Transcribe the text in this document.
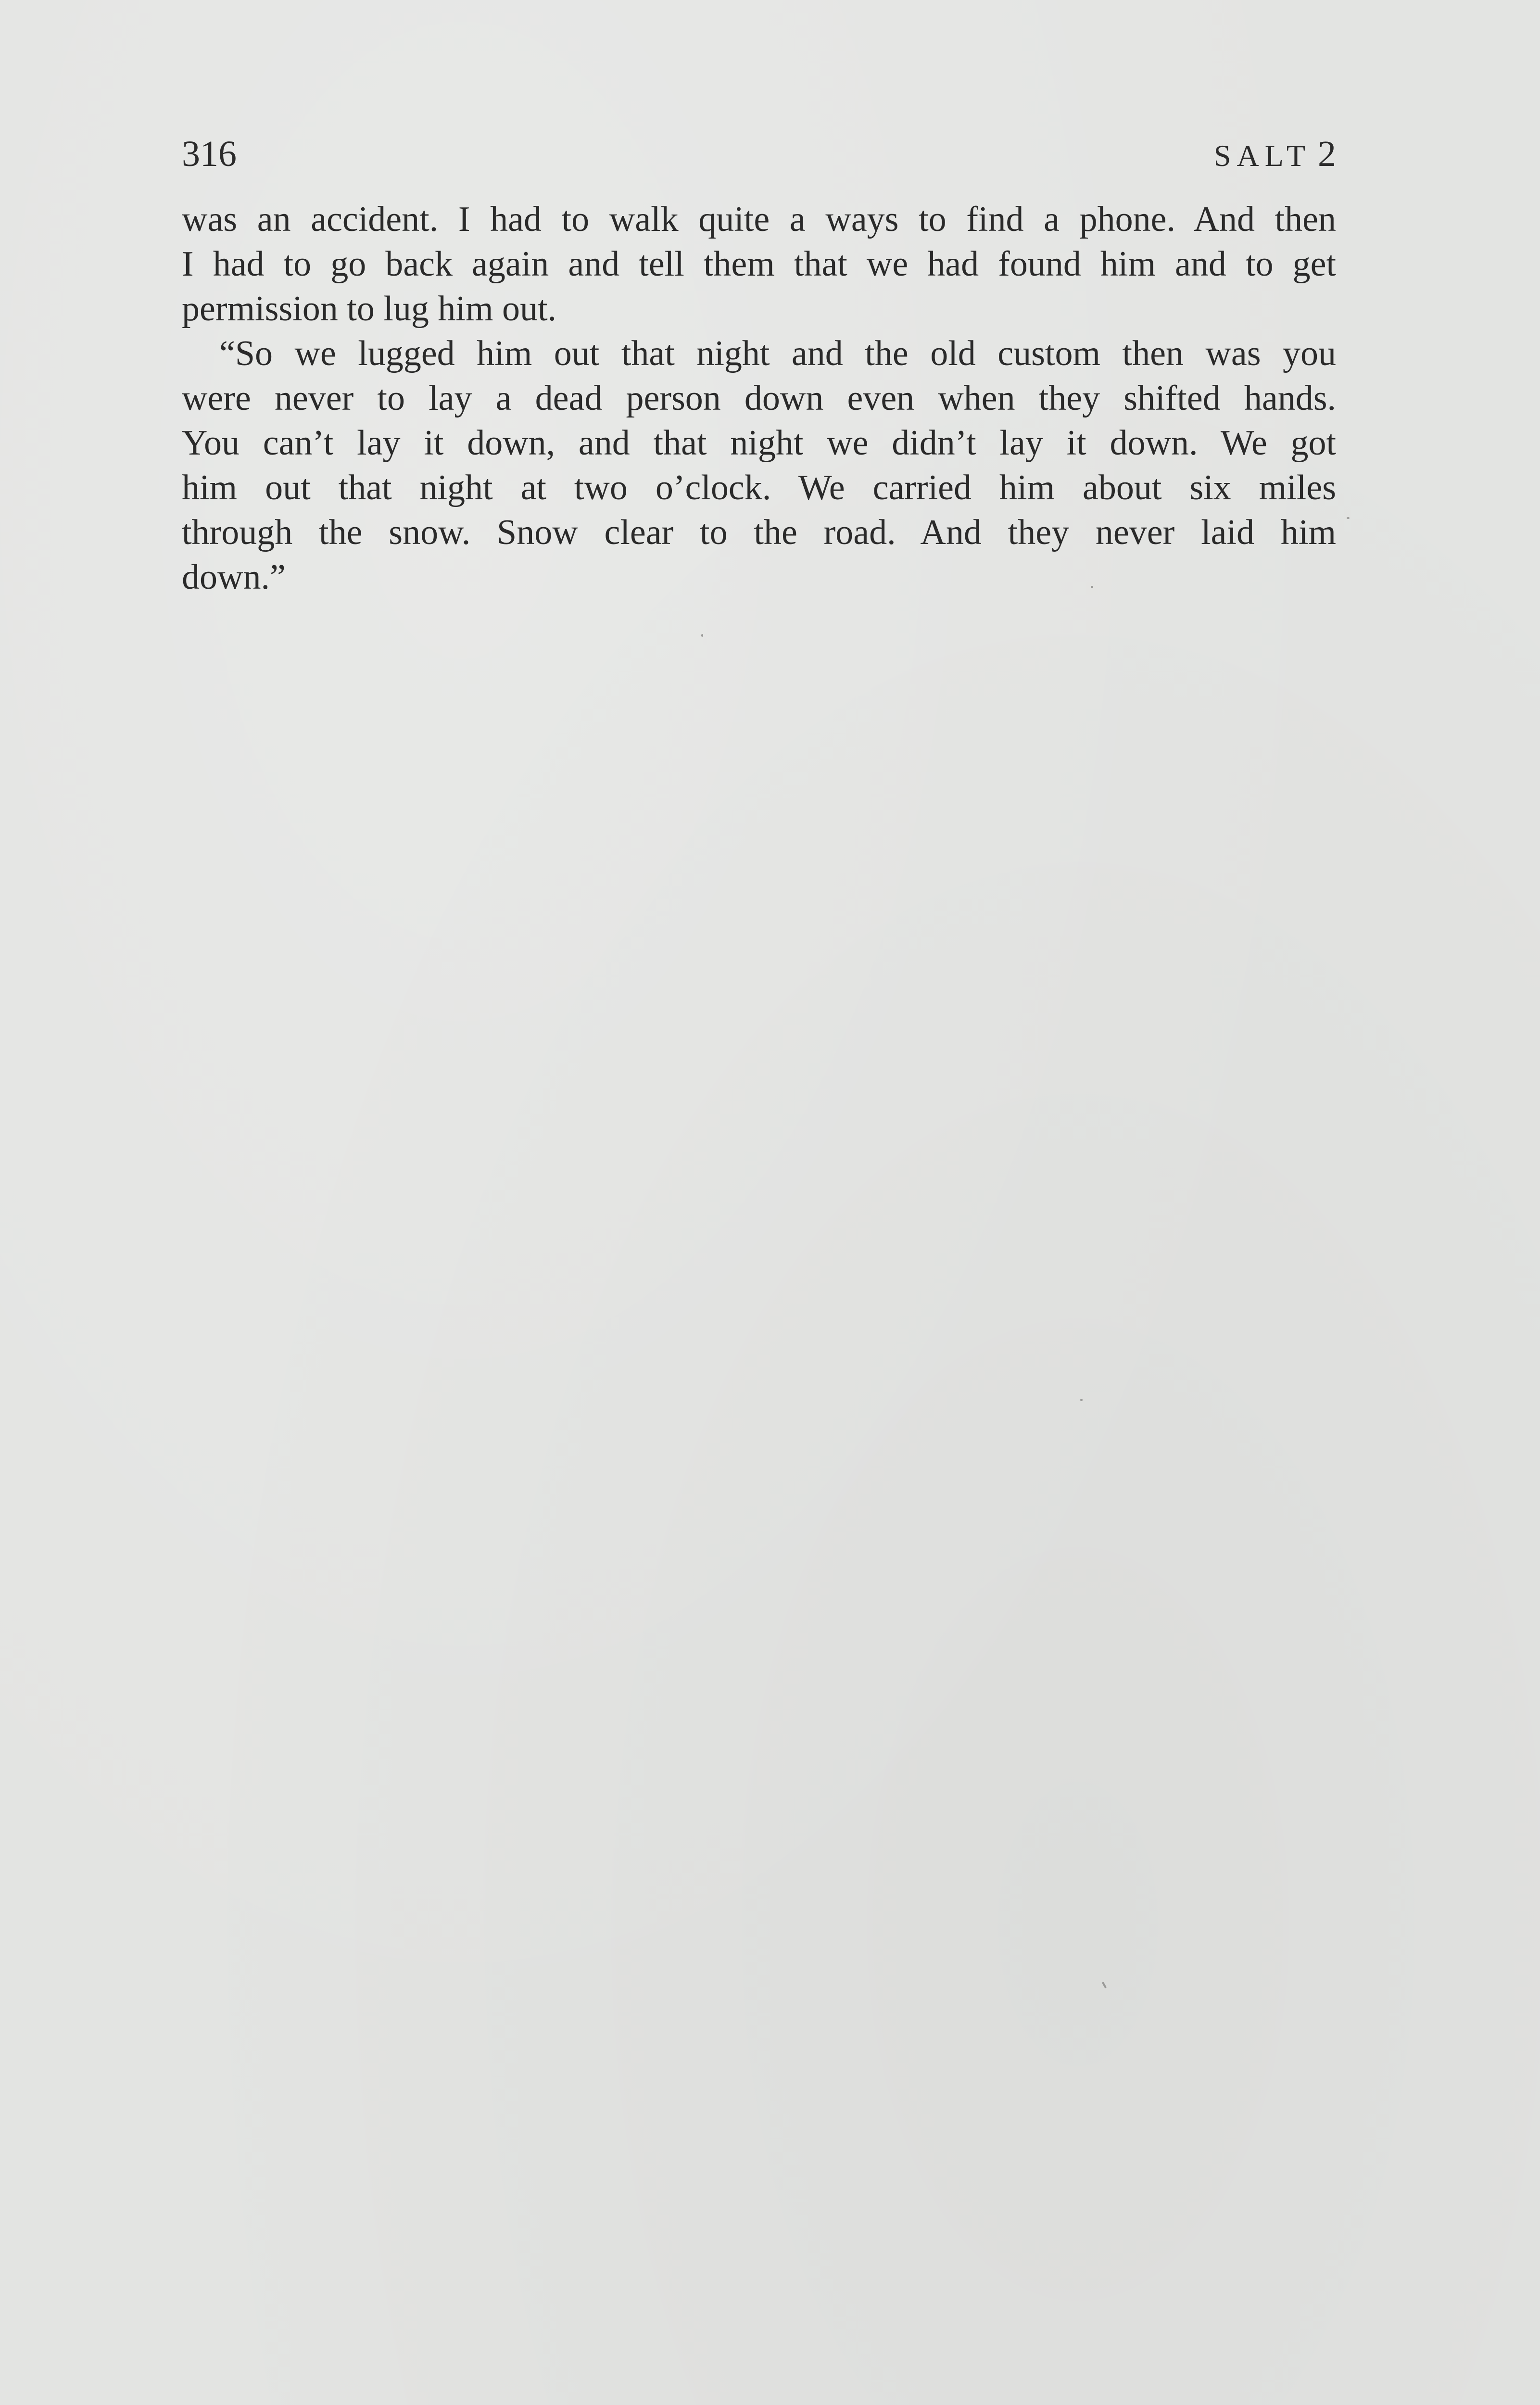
316	SALT 2
was an accident. I had to walk quite a ways to find a phone. And then
I had to go back again and tell them that we had found him and to get
permission to lug him out.
“So we lugged him out that night and the old custom then was you
were never to lay a dead person down even when they shifted hands.
You can’t lay it down, and that night we didn’t lay it down. We got
him out that night at two o’clock. We carried him about six miles
through the snow. Snow clear to the road. And they never laid him
down.”
